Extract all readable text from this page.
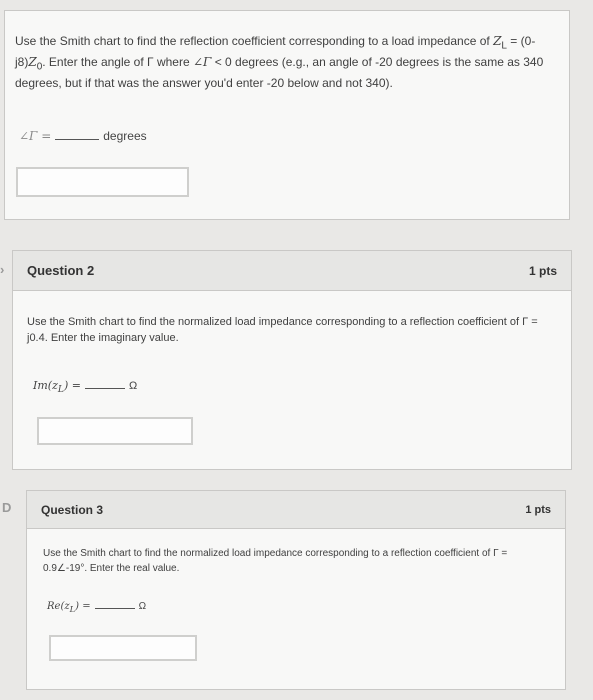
Use the Smith chart to find the reflection coefficient corresponding to a load impedance of $Z_L = (0-j8)Z_0$. Enter the angle of Γ where ∠Γ < 0 degrees (e.g., an angle of -20 degrees is the same as 340 degrees, but if that was the answer you'd enter -20 below and not 340).
∠Γ =	degrees
› Question 2	1 pts
Use the Smith chart to find the normalized load impedance corresponding to a reflection coefficient of Γ = j0.4. Enter the imaginary value.
$Im(z_L)$ =	Ω
D Question 3	1 pts
Use the Smith chart to find the normalized load impedance corresponding to a reflection coefficient of Γ = 0.9∠-19°. Enter the real value.
$Re(z_L)$ =	Ω
